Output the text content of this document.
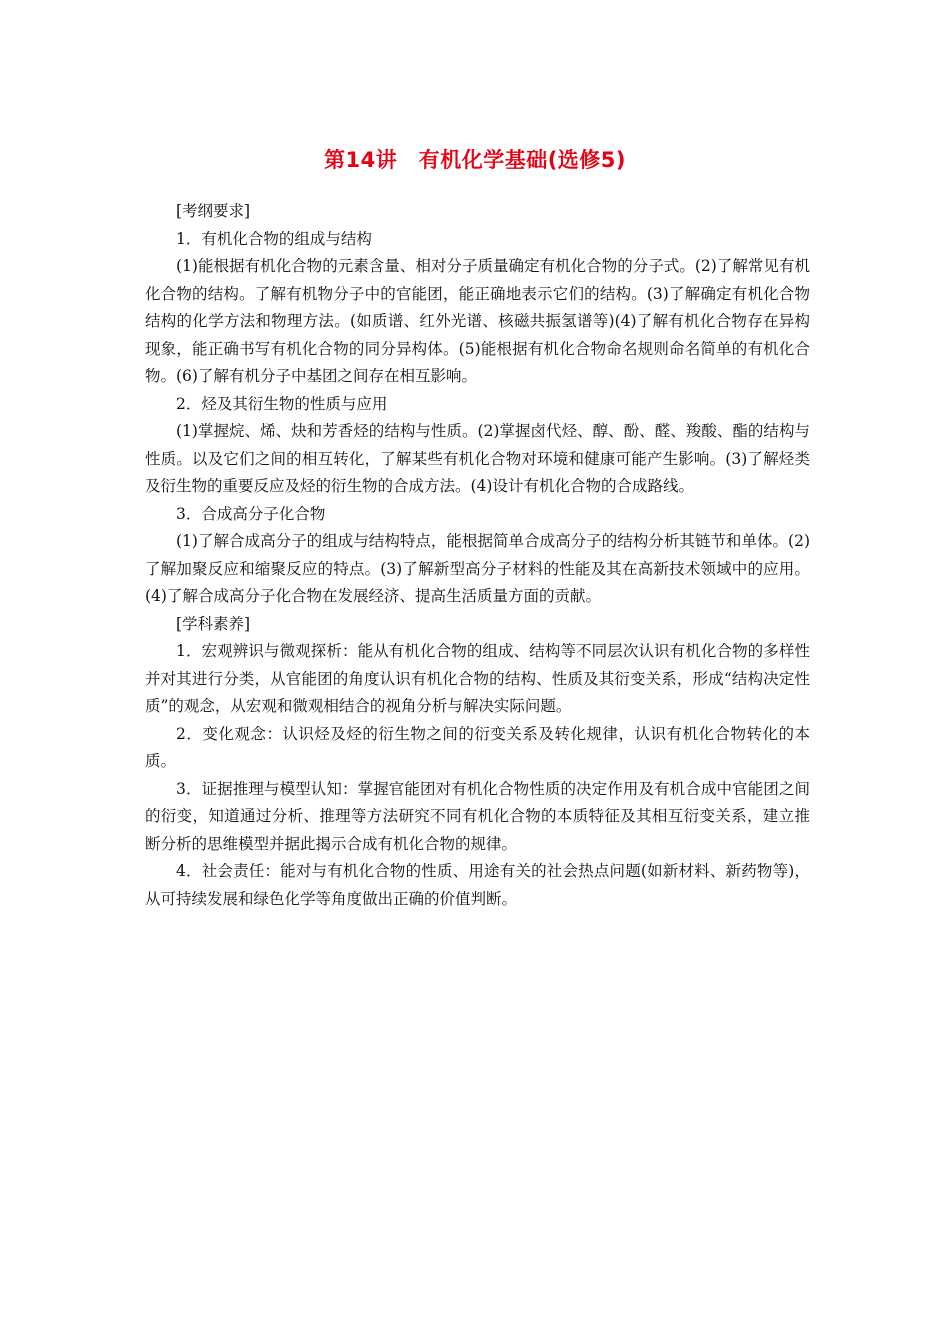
第14讲　有机化学基础(选修5)

[考纲要求]

1．有机化合物的组成与结构

(1)能根据有机化合物的元素含量、相对分子质量确定有机化合物的分子式。(2)了解常见有机化合物的结构。了解有机物分子中的官能团，能正确地表示它们的结构。(3)了解确定有机化合物结构的化学方法和物理方法。(如质谱、红外光谱、核磁共振氢谱等)(4)了解有机化合物存在异构现象，能正确书写有机化合物的同分异构体。(5)能根据有机化合物命名规则命名简单的有机化合物。(6)了解有机分子中基团之间存在相互影响。

2．烃及其衍生物的性质与应用

(1)掌握烷、烯、炔和芳香烃的结构与性质。(2)掌握卤代烃、醇、酚、醛、羧酸、酯的结构与性质。以及它们之间的相互转化，了解某些有机化合物对环境和健康可能产生影响。(3)了解烃类及衍生物的重要反应及烃的衍生物的合成方法。(4)设计有机化合物的合成路线。

3．合成高分子化合物

(1)了解合成高分子的组成与结构特点，能根据简单合成高分子的结构分析其链节和单体。(2)了解加聚反应和缩聚反应的特点。(3)了解新型高分子材料的性能及其在高新技术领域中的应用。(4)了解合成高分子化合物在发展经济、提高生活质量方面的贡献。

[学科素养]

1．宏观辨识与微观探析：能从有机化合物的组成、结构等不同层次认识有机化合物的多样性并对其进行分类，从官能团的角度认识有机化合物的结构、性质及其衍变关系，形成“结构决定性质”的观念，从宏观和微观相结合的视角分析与解决实际问题。

2．变化观念：认识烃及烃的衍生物之间的衍变关系及转化规律，认识有机化合物转化的本质。

3．证据推理与模型认知：掌握官能团对有机化合物性质的决定作用及有机合成中官能团之间的衍变，知道通过分析、推理等方法研究不同有机化合物的本质特征及其相互衍变关系，建立推断分析的思维模型并据此揭示合成有机化合物的规律。

4．社会责任：能对与有机化合物的性质、用途有关的社会热点问题(如新材料、新药物等)，从可持续发展和绿色化学等角度做出正确的价值判断。
